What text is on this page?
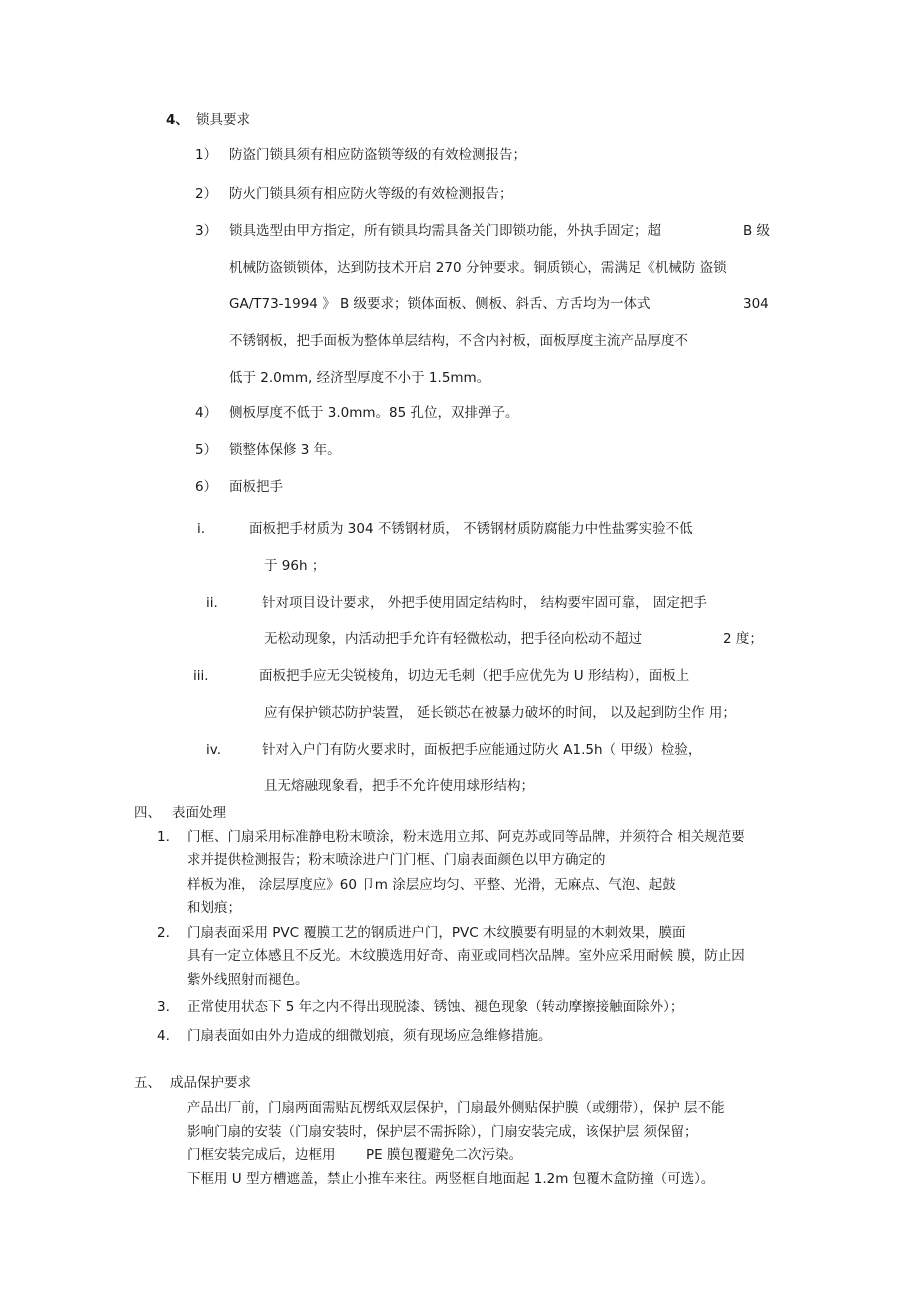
4、 锁具要求
1） 防盗门锁具须有相应防盗锁等级的有效检测报告；
2） 防火门锁具须有相应防火等级的有效检测报告；
3） 锁具选型由甲方指定，所有锁具均需具备关门即锁功能，外执手固定；超	B 级
机械防盗锁锁体，达到防技术开启 270 分钟要求。铜质锁心，需满足《机械防 盗锁
GA/T73-1994 》 B 级要求；锁体面板、侧板、斜舌、方舌均为一体式	304
不锈钢板，把手面板为整体单层结构，不含内衬板，面板厚度主流产品厚度不
低于 2.0mm, 经济型厚度不小于 1.5mm。
4） 侧板厚度不低于 3.0mm。85 孔位，双排弹子。
5） 锁整体保修 3 年。
6） 面板把手
i.	面板把手材质为 304 不锈钢材质， 不锈钢材质防腐能力中性盐雾实验不低
于 96h ；
ii.	针对项目设计要求， 外把手使用固定结构时， 结构要牢固可靠， 固定把手
无松动现象，内活动把手允许有轻微松动，把手径向松动不超过	2 度；
iii.	面板把手应无尖锐棱角，切边无毛刺（把手应优先为 U 形结构），面板上
应有保护锁芯防护装置， 延长锁芯在被暴力破坏的时间， 以及起到防尘作 用；
iv.	针对入户门有防火要求时，面板把手应能通过防火 A1.5h（ 甲级）检验，
且无熔融现象看，把手不允许使用球形结构；
四、 表面处理
1. 门框、门扇采用标准静电粉末喷涂，粉末选用立邦、阿克苏或同等品牌，并须符合 相关规范要
求并提供检测报告；粉末喷涂进户门门框、门扇表面颜色以甲方确定的
样板为准， 涂层厚度应》60 卩m 涂层应均匀、平整、光滑，无麻点、气泡、起鼓
和划痕；
2. 门扇表面采用 PVC 覆膜工艺的钢质进户门，PVC 木纹膜要有明显的木刺效果，膜面
具有一定立体感且不反光。木纹膜选用好奇、南亚或同档次品牌。室外应采用耐候 膜，防止因
紫外线照射而褪色。
3. 正常使用状态下 5 年之内不得出现脱漆、锈蚀、褪色现象（转动摩擦接触面除外）；
4. 门扇表面如由外力造成的细微划痕，须有现场应急维修措施。
五、 成品保护要求
产品出厂前，门扇两面需贴瓦楞纸双层保护，门扇最外侧贴保护膜（或绷带），保护 层不能
影响门扇的安装（门扇安装时，保护层不需拆除），门扇安装完成，该保护层 须保留；
门框安装完成后，边框用 PE 膜包覆避免二次污染。
下框用 U 型方槽遮盖，禁止小推车来往。两竖框自地面起 1.2m 包覆木盒防撞（可选）。
